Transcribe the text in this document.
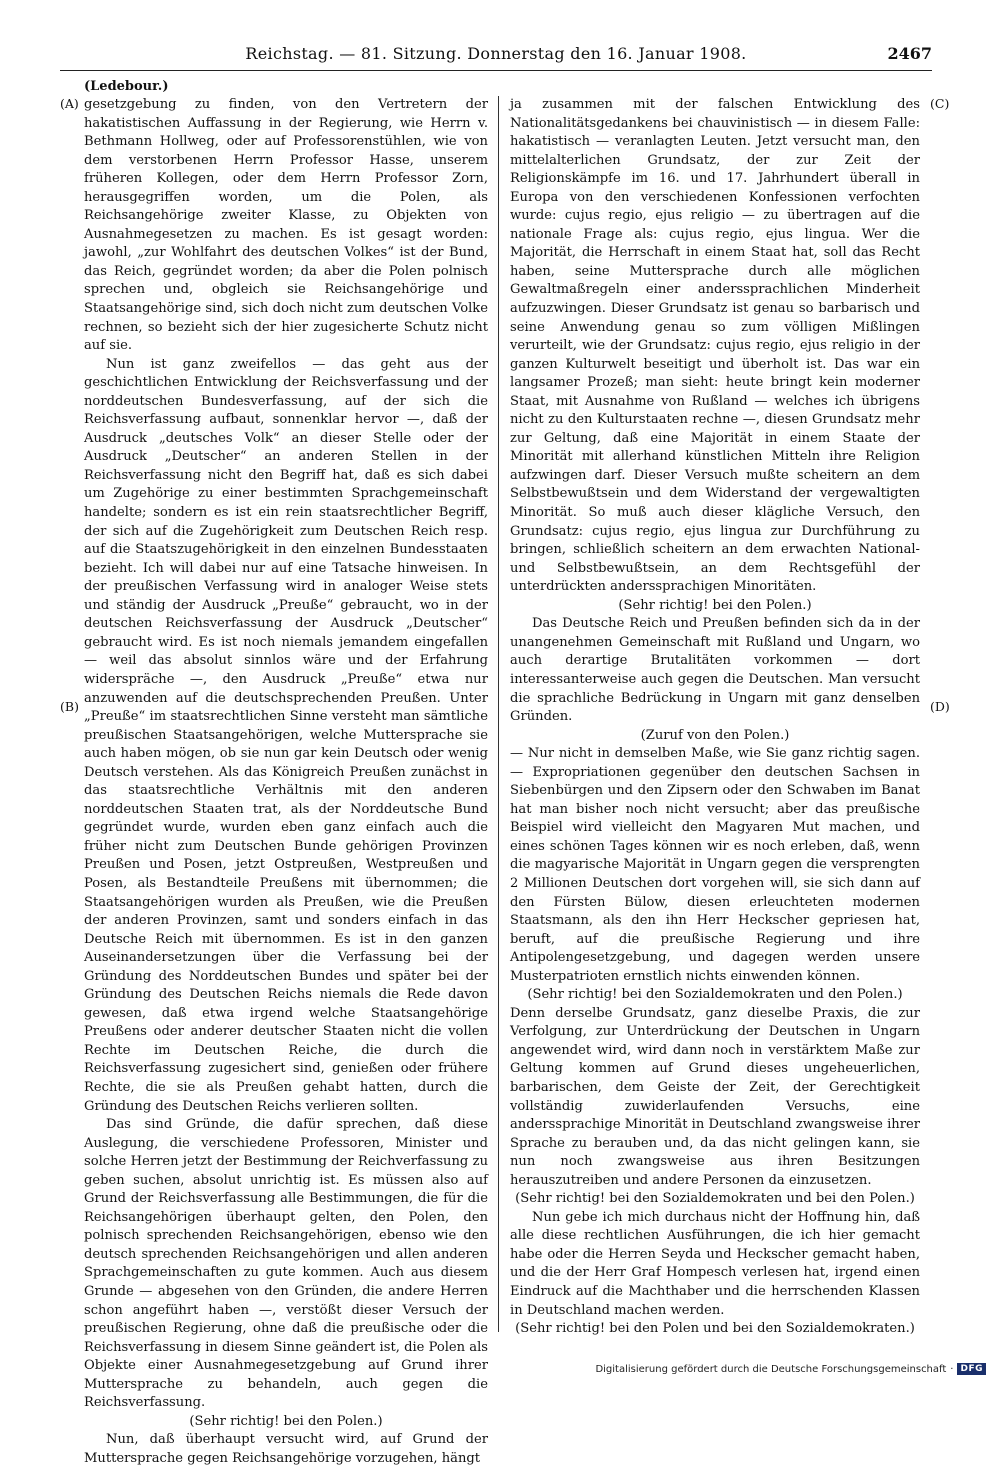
Reichstag. — 81. Sitzung. Donnerstag den 16. Januar 1908.	2467
(Ledebour.)
(A)
(B)
(C)
(D)

gesetzgebung zu finden, von den Vertretern der hakatistischen Auffassung in der Regierung, wie Herrn v. Bethmann Hollweg, oder auf Professorenstühlen, wie von dem verstorbenen Herrn Professor Hasse, unserem früheren Kollegen, oder dem Herrn Professor Zorn, herausgegriffen worden, um die Polen, als Reichsangehörige zweiter Klasse, zu Objekten von Ausnahmegesetzen zu machen. Es ist gesagt worden: jawohl, „zur Wohlfahrt des deutschen Volkes“ ist der Bund, das Reich, gegründet worden; da aber die Polen polnisch sprechen und, obgleich sie Reichsangehörige und Staatsangehörige sind, sich doch nicht zum deutschen Volke rechnen, so bezieht sich der hier zugesicherte Schutz nicht auf sie.

Nun ist ganz zweifellos — das geht aus der geschichtlichen Entwicklung der Reichsverfassung und der norddeutschen Bundesverfassung, auf der sich die Reichsverfassung aufbaut, sonnenklar hervor —, daß der Ausdruck „deutsches Volk“ an dieser Stelle oder der Ausdruck „Deutscher“ an anderen Stellen in der Reichsverfassung nicht den Begriff hat, daß es sich dabei um Zugehörige zu einer bestimmten Sprachgemeinschaft handelte; sondern es ist ein rein staatsrechtlicher Begriff, der sich auf die Zugehörigkeit zum Deutschen Reich resp. auf die Staatszugehörigkeit in den einzelnen Bundesstaaten bezieht. Ich will dabei nur auf eine Tatsache hinweisen. In der preußischen Verfassung wird in analoger Weise stets und ständig der Ausdruck „Preuße“ gebraucht, wo in der deutschen Reichsverfassung der Ausdruck „Deutscher“ gebraucht wird. Es ist noch niemals jemandem eingefallen — weil das absolut sinnlos wäre und der Erfahrung widerspräche —, den Ausdruck „Preuße“ etwa nur anzuwenden auf die deutschsprechenden Preußen. Unter „Preuße“ im staatsrechtlichen Sinne versteht man sämtliche preußischen Staatsangehörigen, welche Muttersprache sie auch haben mögen, ob sie nun gar kein Deutsch oder wenig Deutsch verstehen. Als das Königreich Preußen zunächst in das staatsrechtliche Verhältnis mit den anderen norddeutschen Staaten trat, als der Norddeutsche Bund gegründet wurde, wurden eben ganz einfach auch die früher nicht zum Deutschen Bunde gehörigen Provinzen Preußen und Posen, jetzt Ostpreußen, Westpreußen und Posen, als Bestandteile Preußens mit übernommen; die Staatsangehörigen wurden als Preußen, wie die Preußen der anderen Provinzen, samt und sonders einfach in das Deutsche Reich mit übernommen. Es ist in den ganzen Auseinandersetzungen über die Verfassung bei der Gründung des Norddeutschen Bundes und später bei der Gründung des Deutschen Reichs niemals die Rede davon gewesen, daß etwa irgend welche Staatsangehörige Preußens oder anderer deutscher Staaten nicht die vollen Rechte im Deutschen Reiche, die durch die Reichsverfassung zugesichert sind, genießen oder frühere Rechte, die sie als Preußen gehabt hatten, durch die Gründung des Deutschen Reichs verlieren sollten.

Das sind Gründe, die dafür sprechen, daß diese Auslegung, die verschiedene Professoren, Minister und solche Herren jetzt der Bestimmung der Reichverfassung zu geben suchen, absolut unrichtig ist. Es müssen also auf Grund der Reichsverfassung alle Bestimmungen, die für die Reichsangehörigen überhaupt gelten, den Polen, den polnisch sprechenden Reichsangehörigen, ebenso wie den deutsch sprechenden Reichsangehörigen und allen anderen Sprachgemeinschaften zu gute kommen. Auch aus diesem Grunde — abgesehen von den Gründen, die andere Herren schon angeführt haben —, verstößt dieser Versuch der preußischen Regierung, ohne daß die preußische oder die Reichsverfassung in diesem Sinne geändert ist, die Polen als Objekte einer Ausnahmegesetzgebung auf Grund ihrer Muttersprache zu behandeln, auch gegen die Reichsverfassung.

(Sehr richtig! bei den Polen.)

Nun, daß überhaupt versucht wird, auf Grund der Muttersprache gegen Reichsangehörige vorzugehen, hängt

ja zusammen mit der falschen Entwicklung des Nationalitätsgedankens bei chauvinistisch — in diesem Falle: hakatistisch — veranlagten Leuten. Jetzt versucht man, den mittelalterlichen Grundsatz, der zur Zeit der Religionskämpfe im 16. und 17. Jahrhundert überall in Europa von den verschiedenen Konfessionen verfochten wurde: cujus regio, ejus religio — zu übertragen auf die nationale Frage als: cujus regio, ejus lingua. Wer die Majorität, die Herrschaft in einem Staat hat, soll das Recht haben, seine Muttersprache durch alle möglichen Gewaltmaßregeln einer anderssprachlichen Minderheit aufzuzwingen. Dieser Grundsatz ist genau so barbarisch und seine Anwendung genau so zum völligen Mißlingen verurteilt, wie der Grundsatz: cujus regio, ejus religio in der ganzen Kulturwelt beseitigt und überholt ist. Das war ein langsamer Prozeß; man sieht: heute bringt kein moderner Staat, mit Ausnahme von Rußland — welches ich übrigens nicht zu den Kulturstaaten rechne —, diesen Grundsatz mehr zur Geltung, daß eine Majorität in einem Staate der Minorität mit allerhand künstlichen Mitteln ihre Religion aufzwingen darf. Dieser Versuch mußte scheitern an dem Selbstbewußtsein und dem Widerstand der vergewaltigten Minorität. So muß auch dieser klägliche Versuch, den Grundsatz: cujus regio, ejus lingua zur Durchführung zu bringen, schließlich scheitern an dem erwachten National- und Selbstbewußtsein, an dem Rechtsgefühl der unterdrückten anderssprachigen Minoritäten.

(Sehr richtig! bei den Polen.)

Das Deutsche Reich und Preußen befinden sich da in der unangenehmen Gemeinschaft mit Rußland und Ungarn, wo auch derartige Brutalitäten vorkommen — dort interessanterweise auch gegen die Deutschen. Man versucht die sprachliche Bedrückung in Ungarn mit ganz denselben Gründen.

(Zuruf von den Polen.)

— Nur nicht in demselben Maße, wie Sie ganz richtig sagen. — Expropriationen gegenüber den deutschen Sachsen in Siebenbürgen und den Zipsern oder den Schwaben im Banat hat man bisher noch nicht versucht; aber das preußische Beispiel wird vielleicht den Magyaren Mut machen, und eines schönen Tages können wir es noch erleben, daß, wenn die magyarische Majorität in Ungarn gegen die versprengten 2 Millionen Deutschen dort vorgehen will, sie sich dann auf den Fürsten Bülow, diesen erleuchteten modernen Staatsmann, als den ihn Herr Heckscher gepriesen hat, beruft, auf die preußische Regierung und ihre Antipolengesetzgebung, und dagegen werden unsere Musterpatrioten ernstlich nichts einwenden können.

(Sehr richtig! bei den Sozialdemokraten und den Polen.)

Denn derselbe Grundsatz, ganz dieselbe Praxis, die zur Verfolgung, zur Unterdrückung der Deutschen in Ungarn angewendet wird, wird dann noch in verstärktem Maße zur Geltung kommen auf Grund dieses ungeheuerlichen, barbarischen, dem Geiste der Zeit, der Gerechtigkeit vollständig zuwiderlaufenden Versuchs, eine anderssprachige Minorität in Deutschland zwangsweise ihrer Sprache zu berauben und, da das nicht gelingen kann, sie nun noch zwangsweise aus ihren Besitzungen herauszutreiben und andere Personen da einzusetzen.

(Sehr richtig! bei den Sozialdemokraten und bei den Polen.)

Nun gebe ich mich durchaus nicht der Hoffnung hin, daß alle diese rechtlichen Ausführungen, die ich hier gemacht habe oder die Herren Seyda und Heckscher gemacht haben, und die der Herr Graf Hompesch verlesen hat, irgend einen Eindruck auf die Machthaber und die herrschenden Klassen in Deutschland machen werden.

(Sehr richtig! bei den Polen und bei den Sozialdemokraten.)

Digitalisierung gefördert durch die Deutsche Forschungsgemeinschaft · DFG
